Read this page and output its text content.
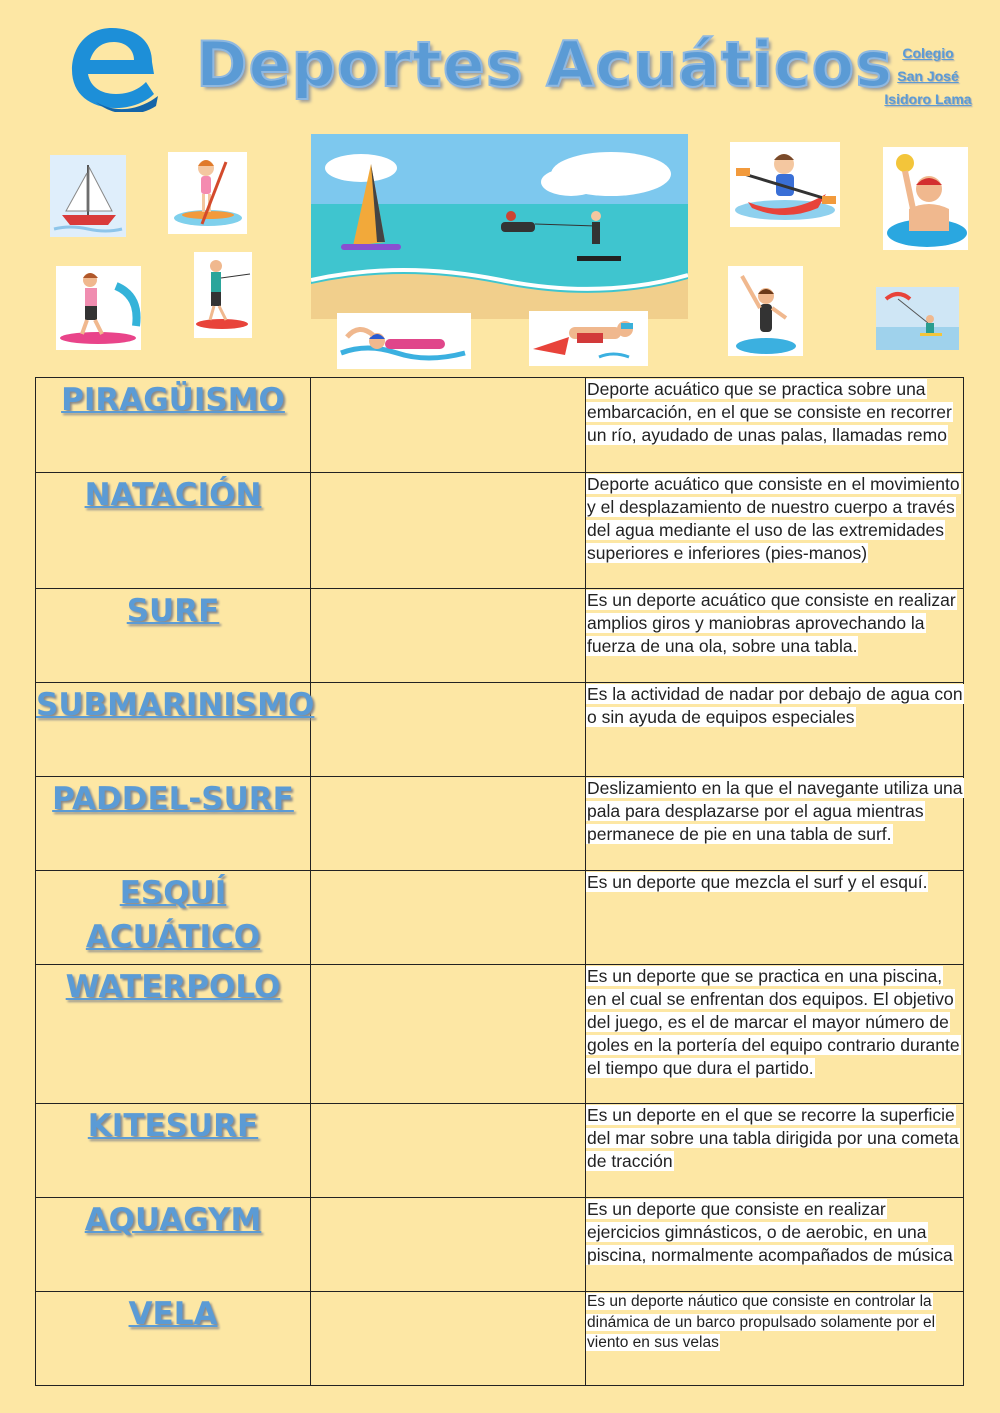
Deportes Acuáticos Colegio
San José
Isidoro Lama
PIRAGÜISMO		Deporte acuático que se practica sobre una embarcación, en el que se consiste en recorrer un río, ayudado de unas palas, llamadas remo
NATACIÓN		Deporte acuático que consiste en el movimiento y el desplazamiento de nuestro cuerpo a través del agua mediante el uso de las extremidades superiores e inferiores (pies-manos)
SURF		Es un deporte acuático que consiste en realizar amplios giros y maniobras aprovechando la fuerza de una ola, sobre una tabla.
SUBMARINISMO		Es la actividad de nadar por debajo de agua con o sin ayuda de equipos especiales
PADDEL-SURF		Deslizamiento en la que el navegante utiliza una pala para desplazarse por el agua mientras permanece de pie en una tabla de surf.
ESQUÍ ACUÁTICO		Es un deporte que mezcla el surf y el esquí.
WATERPOLO		Es un deporte que se practica en una piscina, en el cual se enfrentan dos equipos. El objetivo del juego, es el de marcar el mayor número de goles en la portería del equipo contrario durante el tiempo que dura el partido.
KITESURF		Es un deporte en el que se recorre la superficie del mar sobre una tabla dirigida por una cometa de tracción
AQUAGYM		Es un deporte que consiste en realizar ejercicios gimnásticos, o de aerobic, en una piscina, normalmente acompañados de música
VELA		Es un deporte náutico que consiste en controlar la dinámica de un barco propulsado solamente por el viento en sus velas
